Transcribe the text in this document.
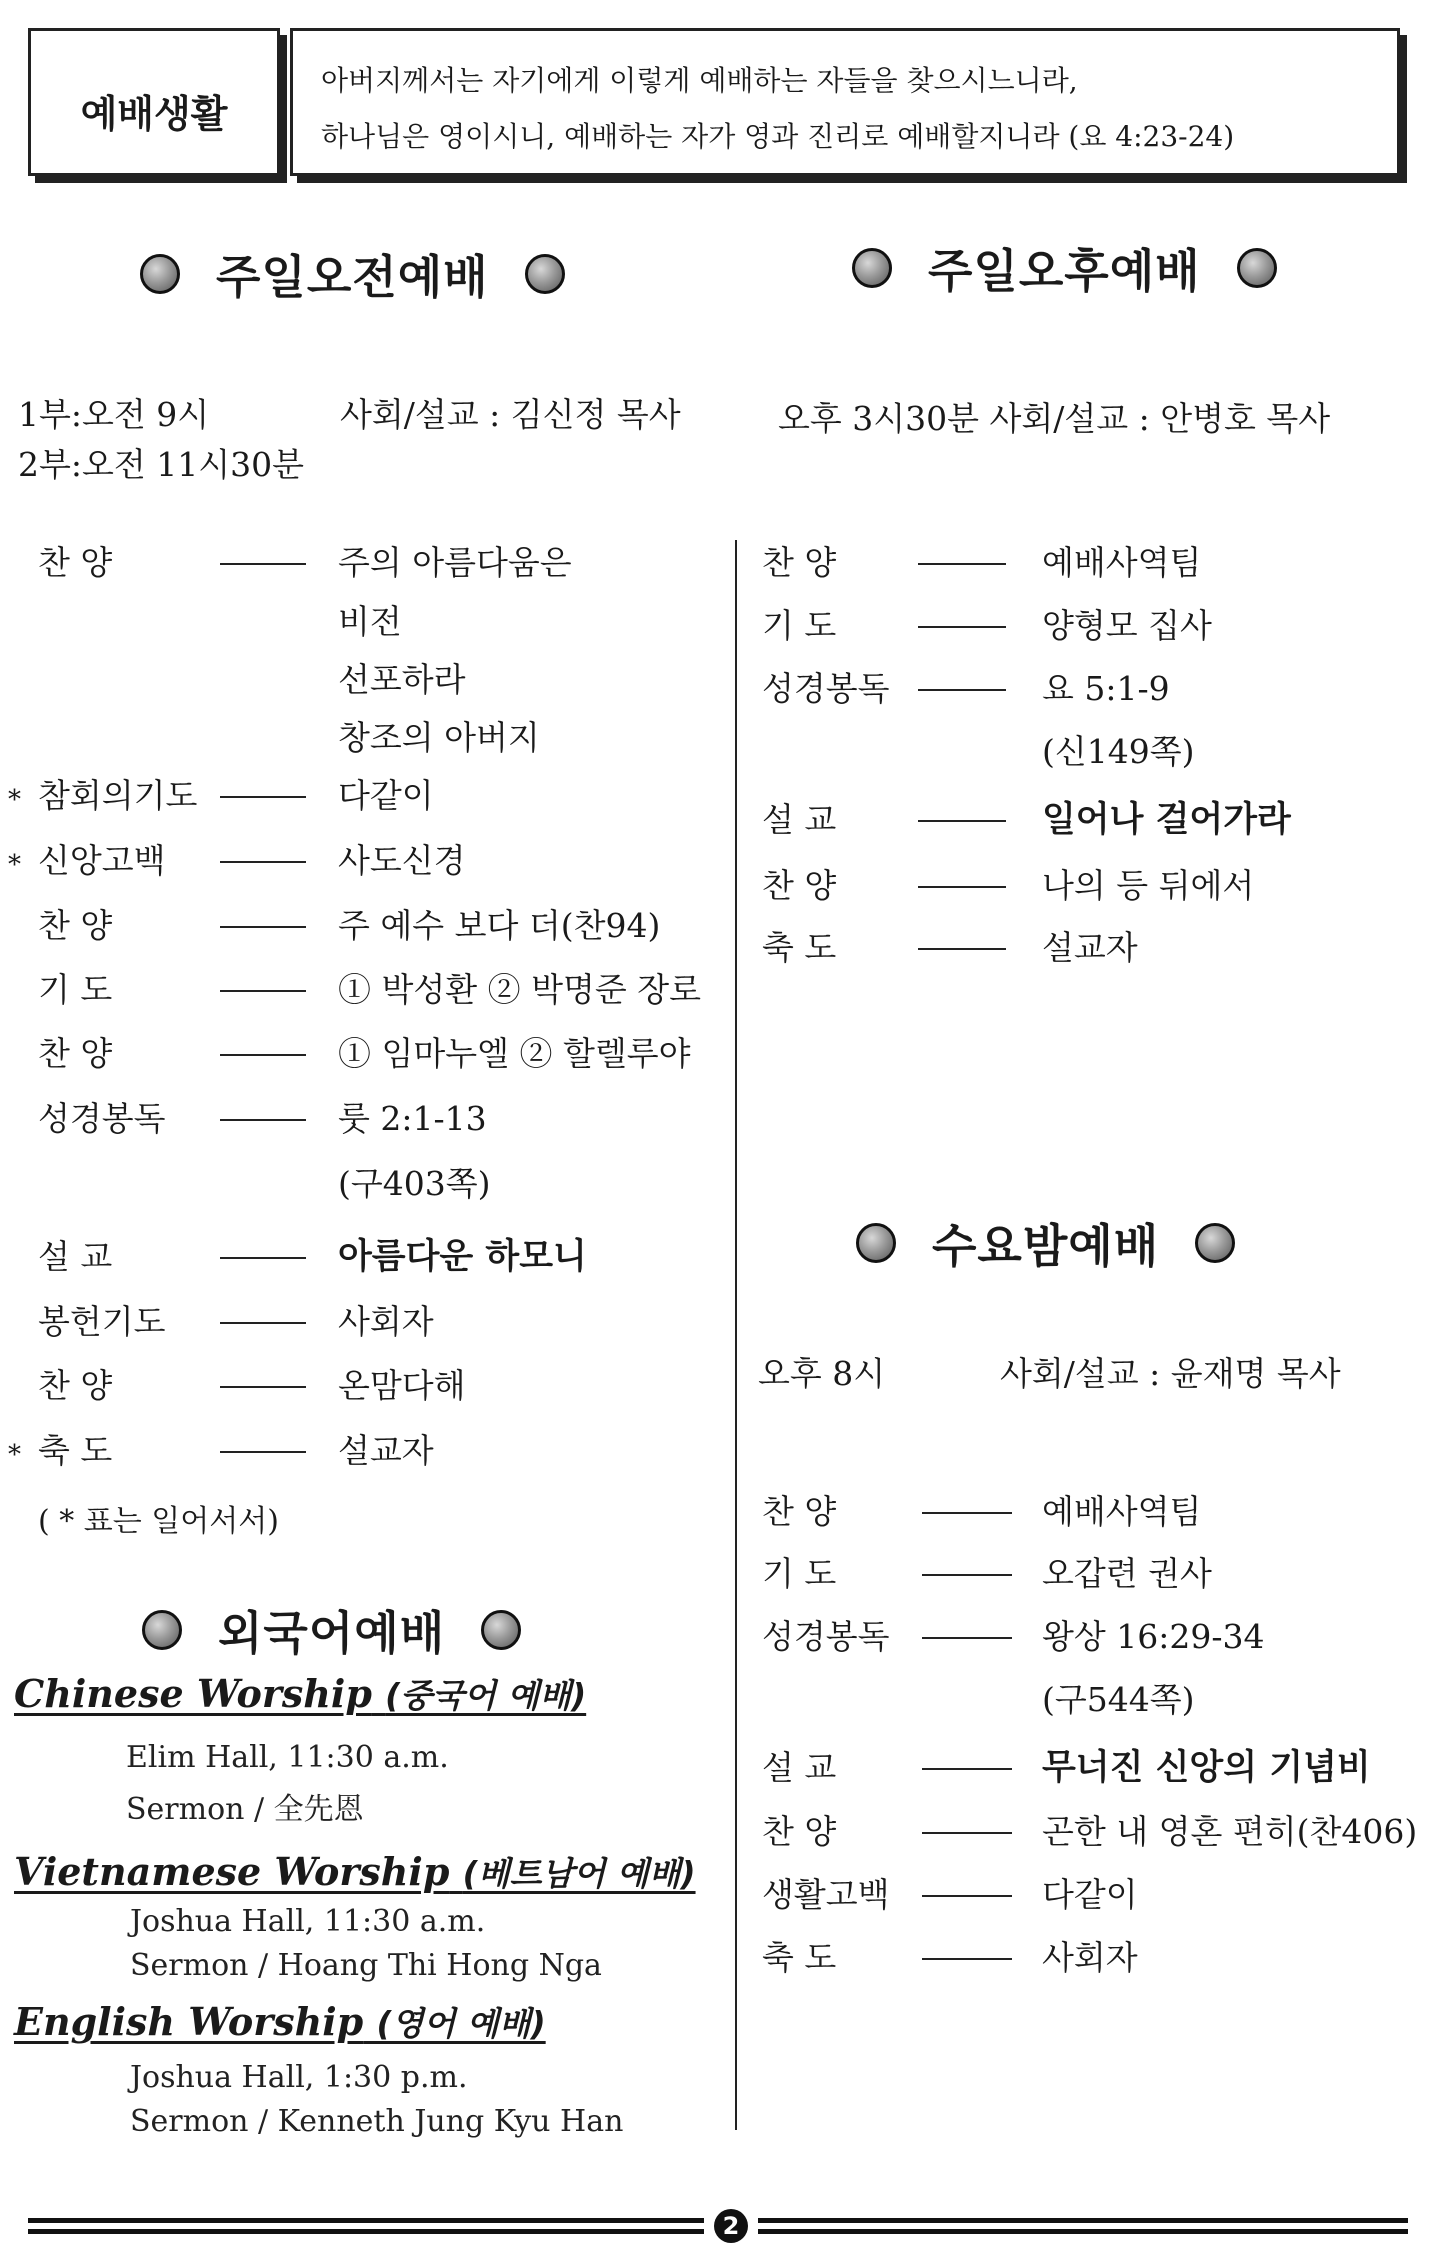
예배생활
아버지께서는 자기에게 이렇게 예배하는 자들을 찾으시느니라,
하나님은 영이시니, 예배하는 자가 영과 진리로 예배할지니라 (요 4:23-24)
주일오전예배
1부:오전 9시	사회/설교 : 김신정 목사
2부:오전 11시30분
찬 양	주의 아름다움은
비전
선포하라
창조의 아버지
* 참회의기도	다같이
* 신앙고백	사도신경
찬 양	주 예수 보다 더(찬94)
기 도	① 박성환 ② 박명준 장로
찬 양	① 임마누엘 ② 할렐루야
성경봉독	룻 2:1-13
(구403쪽)
설 교	아름다운 하모니
봉헌기도	사회자
찬 양	온맘다해
* 축 도	설교자
( * 표는 일어서서)
주일오후예배
오후 3시30분 사회/설교 : 안병호 목사
찬 양	예배사역팀
기 도	양형모 집사
성경봉독	요 5:1-9
(신149쪽)
설 교	일어나 걸어가라
찬 양	나의 등 뒤에서
축 도	설교자
수요밤예배
오후 8시	사회/설교 : 윤재명 목사
찬 양	예배사역팀
기 도	오갑련 권사
성경봉독	왕상 16:29-34
(구544쪽)
설 교	무너진 신앙의 기념비
찬 양	곤한 내 영혼 편히(찬406)
생활고백	다같이
축 도	사회자
외국어예배
Chinese Worship (중국어 예배)
Elim Hall, 11:30 a.m.
Sermon / 全先恩
Vietnamese Worship (베트남어 예배)
Joshua Hall, 11:30 a.m.
Sermon / Hoang Thi Hong Nga
English Worship (영어 예배)
Joshua Hall, 1:30 p.m.
Sermon / Kenneth Jung Kyu Han
2
